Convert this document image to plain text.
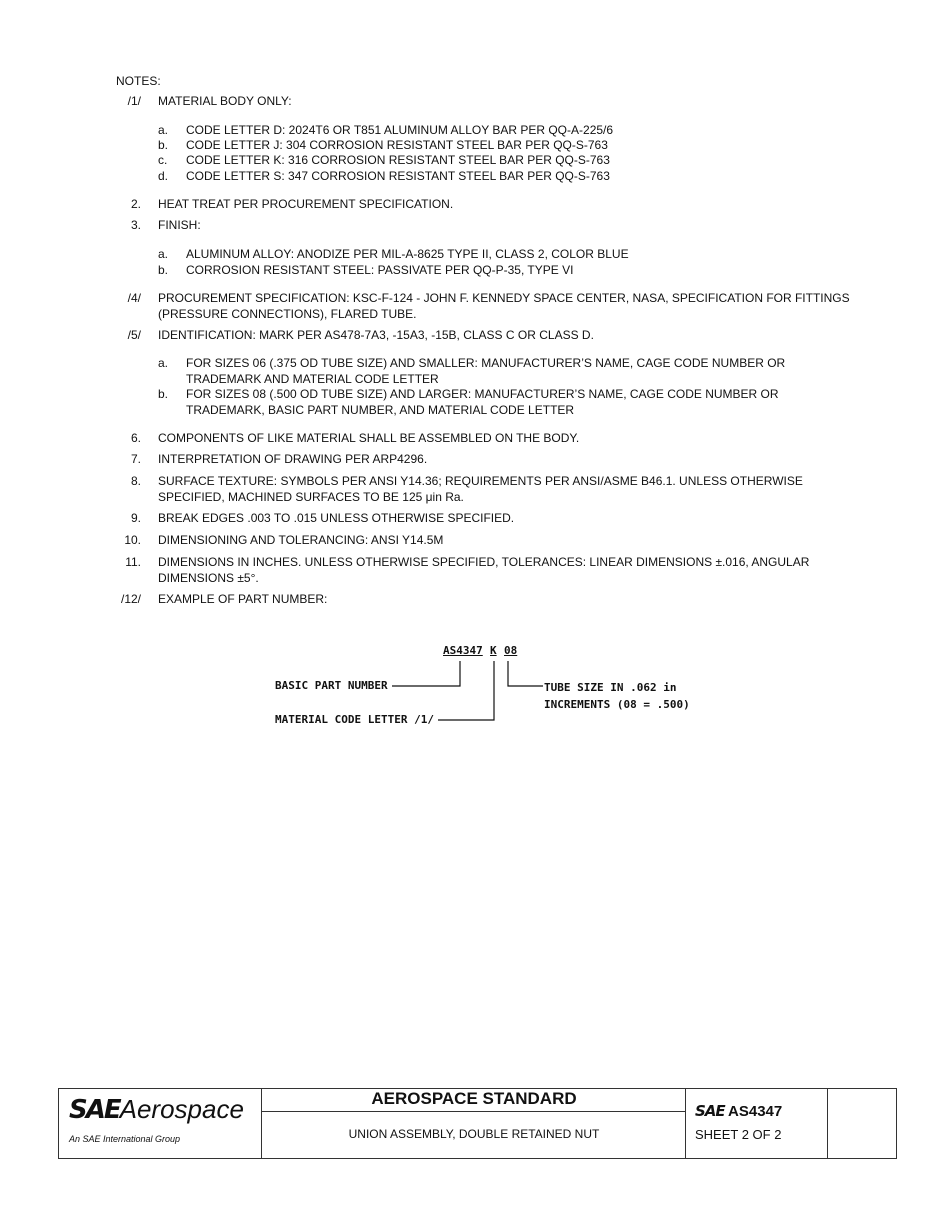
NOTES:
/1/ MATERIAL BODY ONLY:
a.	CODE LETTER D: 2024T6 OR T851 ALUMINUM ALLOY BAR PER QQ-A-225/6
b.	CODE LETTER J: 304 CORROSION RESISTANT STEEL BAR PER QQ-S-763
c.	CODE LETTER K: 316 CORROSION RESISTANT STEEL BAR PER QQ-S-763
d.	CODE LETTER S: 347 CORROSION RESISTANT STEEL BAR PER QQ-S-763
2. HEAT TREAT PER PROCUREMENT SPECIFICATION.
3. FINISH:
a.	ALUMINUM ALLOY: ANODIZE PER MIL-A-8625 TYPE II, CLASS 2, COLOR BLUE
b.	CORROSION RESISTANT STEEL: PASSIVATE PER QQ-P-35, TYPE VI
/4/ PROCUREMENT SPECIFICATION: KSC-F-124 - JOHN F. KENNEDY SPACE CENTER, NASA, SPECIFICATION FOR FITTINGS (PRESSURE CONNECTIONS), FLARED TUBE.
/5/ IDENTIFICATION: MARK PER AS478-7A3, -15A3, -15B, CLASS C OR CLASS D.
a.	FOR SIZES 06 (.375 OD TUBE SIZE) AND SMALLER: MANUFACTURER’S NAME, CAGE CODE NUMBER OR TRADEMARK AND MATERIAL CODE LETTER
b.	FOR SIZES 08 (.500 OD TUBE SIZE) AND LARGER: MANUFACTURER’S NAME, CAGE CODE NUMBER OR TRADEMARK, BASIC PART NUMBER, AND MATERIAL CODE LETTER
6. COMPONENTS OF LIKE MATERIAL SHALL BE ASSEMBLED ON THE BODY.
7. INTERPRETATION OF DRAWING PER ARP4296.
8. SURFACE TEXTURE: SYMBOLS PER ANSI Y14.36; REQUIREMENTS PER ANSI/ASME B46.1. UNLESS OTHERWISE SPECIFIED, MACHINED SURFACES TO BE 125 μin Ra.
9. BREAK EDGES .003 TO .015 UNLESS OTHERWISE SPECIFIED.
10. DIMENSIONING AND TOLERANCING: ANSI Y14.5M
11. DIMENSIONS IN INCHES. UNLESS OTHERWISE SPECIFIED, TOLERANCES: LINEAR DIMENSIONS ±.016, ANGULAR DIMENSIONS ±5°.
/12/ EXAMPLE OF PART NUMBER:
AS4347 K 08
BASIC PART NUMBER
MATERIAL CODE LETTER /1/
TUBE SIZE IN .062 in
INCREMENTS (08 = .500)
SAEAerospace
An SAE International Group
AEROSPACE STANDARD
UNION ASSEMBLY, DOUBLE RETAINED NUT
SAE AS4347
SHEET 2 OF 2
